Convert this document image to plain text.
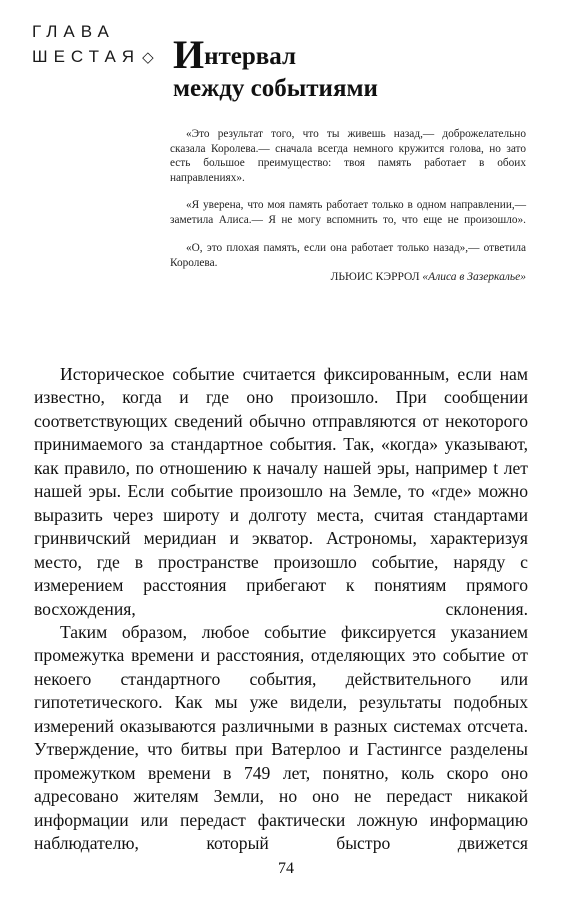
ГЛАВА
ШЕСТАЯ ◇ Интервал
между событиями
«Это результат того, что ты живешь назад,— доброжелательно сказала Королева.— сначала всегда немного кружится голова, но зато есть большое преимущество: твоя память работает в обоих направлениях».
«Я уверена, что моя память работает только в одном направлении,— заметила Алиса.— Я не могу вспомнить то, что еще не произошло».
«О, это плохая память, если она работает только назад»,— ответила Королева.
ЛЬЮИС КЭРРОЛ «Алиса в Зазеркалье»
Историческое событие считается фиксированным, если нам известно, когда и где оно произошло. При сообщении соответствующих сведений обычно отправляются от некоторого принимаемого за стандартное события. Так, «когда» указывают, как правило, по отношению к началу нашей эры, например t лет нашей эры. Если событие произошло на Земле, то «где» можно выразить через широту и долготу места, считая стандартами гринвичский меридиан и экватор. Астрономы, характеризуя место, где в пространстве произошло событие, наряду с измерением расстояния прибегают к понятиям прямого восхождения, склонения.
Таким образом, любое событие фиксируется указанием промежутка времени и расстояния, отделяющих это событие от некоего стандартного события, действительного или гипотетического. Как мы уже видели, результаты подобных измерений оказываются различными в разных системах отсчета. Утверждение, что битвы при Ватерлоо и Гастингсе разделены промежутком времени в 749 лет, понятно, коль скоро оно адресовано жителям Земли, но оно не передаст никакой информации или передаст фактически ложную информацию наблюдателю, который быстро движется
74
